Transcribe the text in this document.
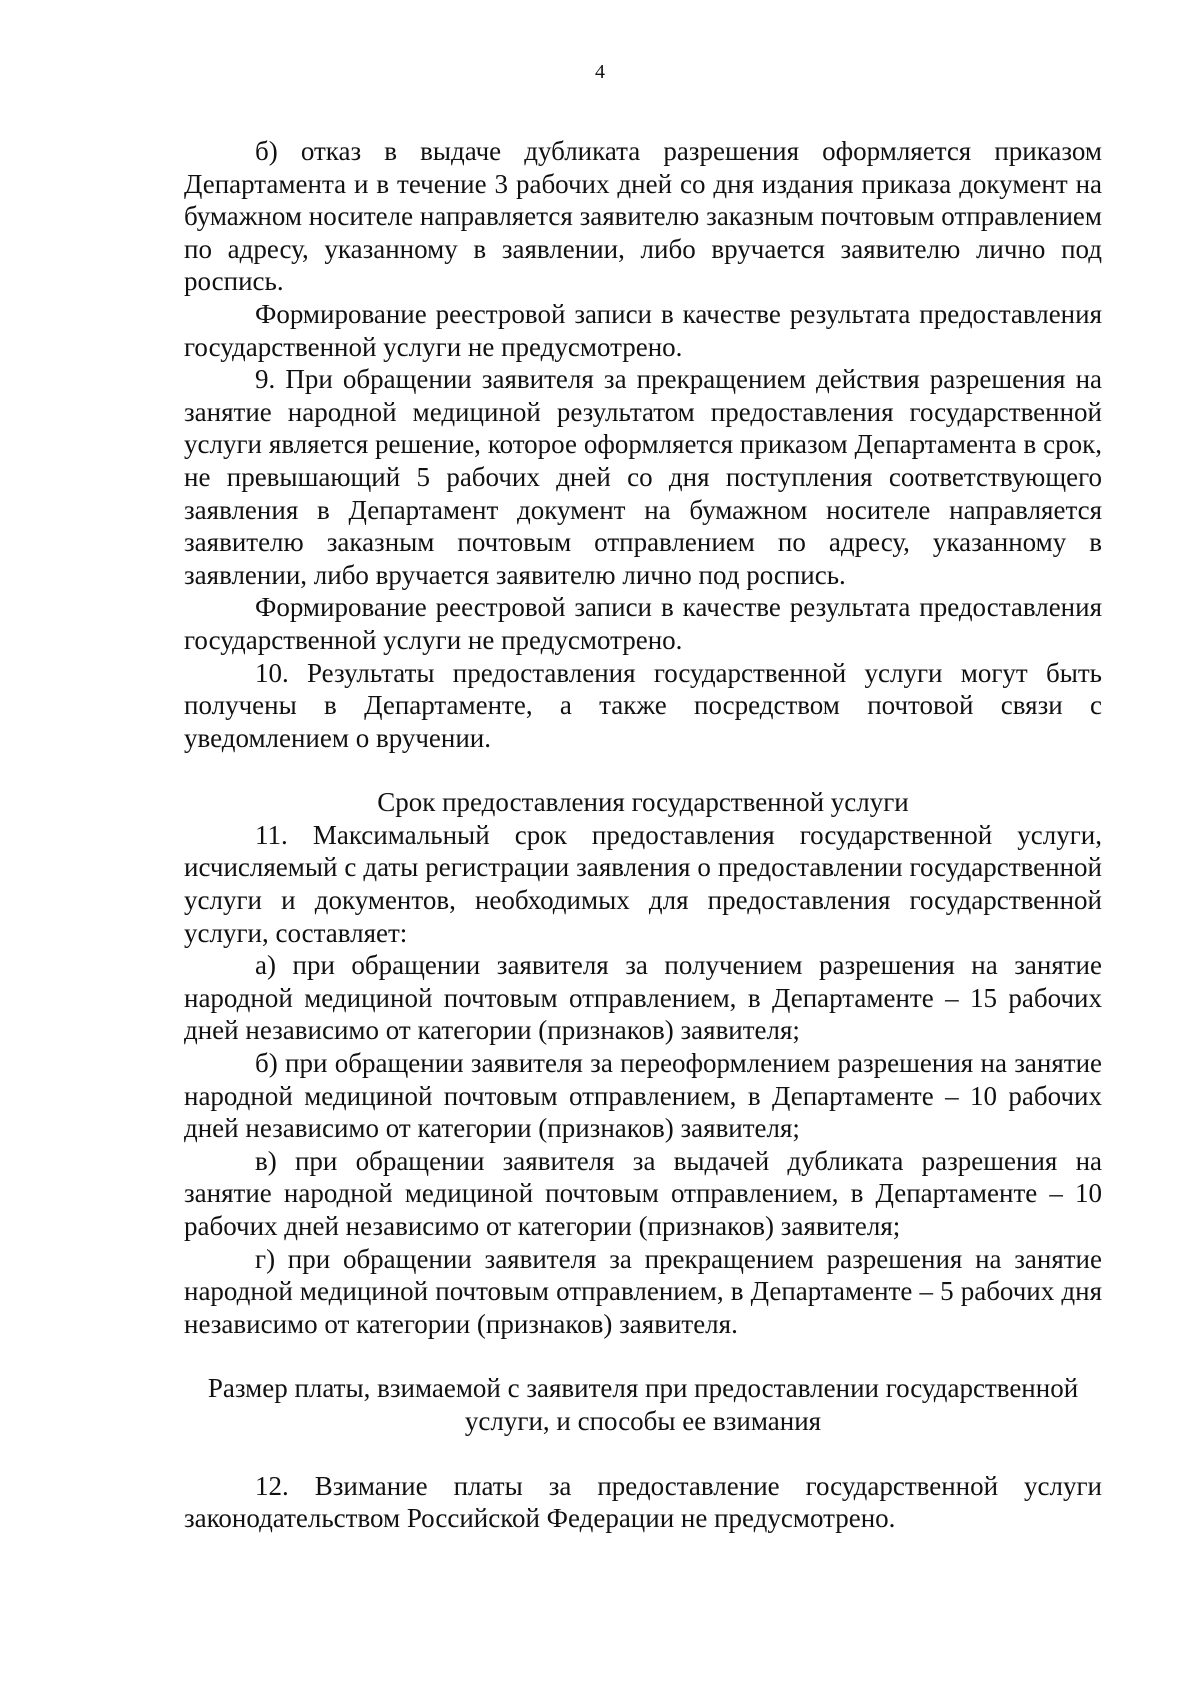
4

б) отказ в выдаче дубликата разрешения оформляется приказом Департамента и в течение 3 рабочих дней со дня издания приказа документ на бумажном носителе направляется заявителю заказным почтовым отправлением по адресу, указанному в заявлении, либо вручается заявителю лично под роспись.

Формирование реестровой записи в качестве результата предоставления государственной услуги не предусмотрено.

9. При обращении заявителя за прекращением действия разрешения на занятие народной медициной результатом предоставления государственной услуги является решение, которое оформляется приказом Департамента в срок, не превышающий 5 рабочих дней со дня поступления соответствующего заявления в Департамент документ на бумажном носителе направляется заявителю заказным почтовым отправлением по адресу, указанному в заявлении, либо вручается заявителю лично под роспись.

Формирование реестровой записи в качестве результата предоставления государственной услуги не предусмотрено.

10. Результаты предоставления государственной услуги могут быть получены в Департаменте, а также посредством почтовой связи с уведомлением о вручении.

Срок предоставления государственной услуги

11. Максимальный срок предоставления государственной услуги, исчисляемый с даты регистрации заявления о предоставлении государственной услуги и документов, необходимых для предоставления государственной услуги, составляет:

а) при обращении заявителя за получением разрешения на занятие народной медициной почтовым отправлением, в Департаменте – 15 рабочих дней независимо от категории (признаков) заявителя;

б) при обращении заявителя за переоформлением разрешения на занятие народной медициной почтовым отправлением, в Департаменте – 10 рабочих дней независимо от категории (признаков) заявителя;

в) при обращении заявителя за выдачей дубликата разрешения на занятие народной медициной почтовым отправлением, в Департаменте – 10 рабочих дней независимо от категории (признаков) заявителя;

г) при обращении заявителя за прекращением разрешения на занятие народной медициной почтовым отправлением, в Департаменте – 5 рабочих дня независимо от категории (признаков) заявителя.

Размер платы, взимаемой с заявителя при предоставлении государственной услуги, и способы ее взимания

12. Взимание платы за предоставление государственной услуги законодательством Российской Федерации не предусмотрено.
